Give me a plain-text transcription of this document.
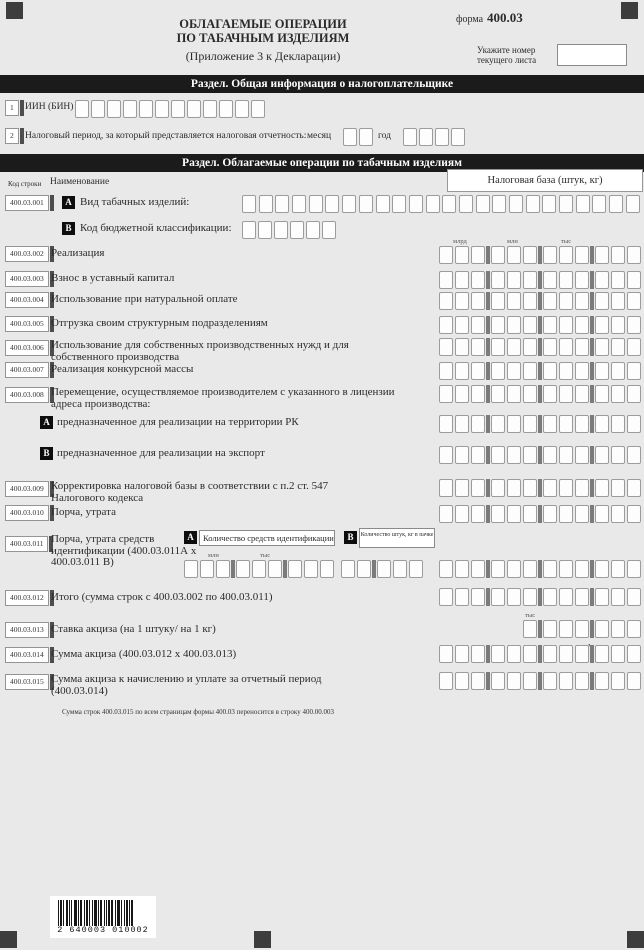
форма 400.03
ОБЛАГАЕМЫЕ ОПЕРАЦИИ
ПО ТАБАЧНЫМ ИЗДЕЛИЯМ
(Приложение 3 к Декларации)	Укажите номер текущего листа
Раздел. Общая информация о налогоплательщике
1	ИИН (БИН)
2	Налоговый период, за который представляется налоговая отчетность: месяц	год
Раздел. Облагаемые операции по табачным изделиям
Код строки Наименование	Налоговая база (штук, кг)
400.03.001	A Вид табачных изделий:
B Код бюджетной классификации:
400.03.002 Реализация
млрд	млн	тыс
400.03.003 Взнос в уставный капитал
400.03.004 Использование при натуральной оплате
400.03.005 Отгрузка своим структурным подразделениям
400.03.006 Использование для собственных производственных нужд и для собственного производства
400.03.007 Реализация конкурсной массы
400.03.008 Перемещение, осуществляемое производителем с указанного в лицензии адреса производства:
A предназначенное для реализации на территории РК
B предназначенное для реализации на экспорт
400.03.009 Корректировка налоговой базы в соответствии с п.2 ст. 547 Налогового кодекса
400.03.010 Порча, утрата
400.03.011 Порча, утрата средств идентификации (400.03.011А х 400.03.011 В)
A	Количество средств идентификации
млн	тыс
B	Количество штук, кг в пачке
400.03.012 Итого (сумма строк с 400.03.002 по 400.03.011)
400.03.013 Ставка акциза (на 1 штуку/ на 1 кг)
тыс
,
400.03.014 Сумма акциза (400.03.012 х 400.03.013)
400.03.015 Сумма акциза к начислению и уплате за отчетный период (400.03.014)
Сумма строк 400.03.015 по всем страницам формы 400.03 переносится в строку 400.00.003
2 640003 010002
